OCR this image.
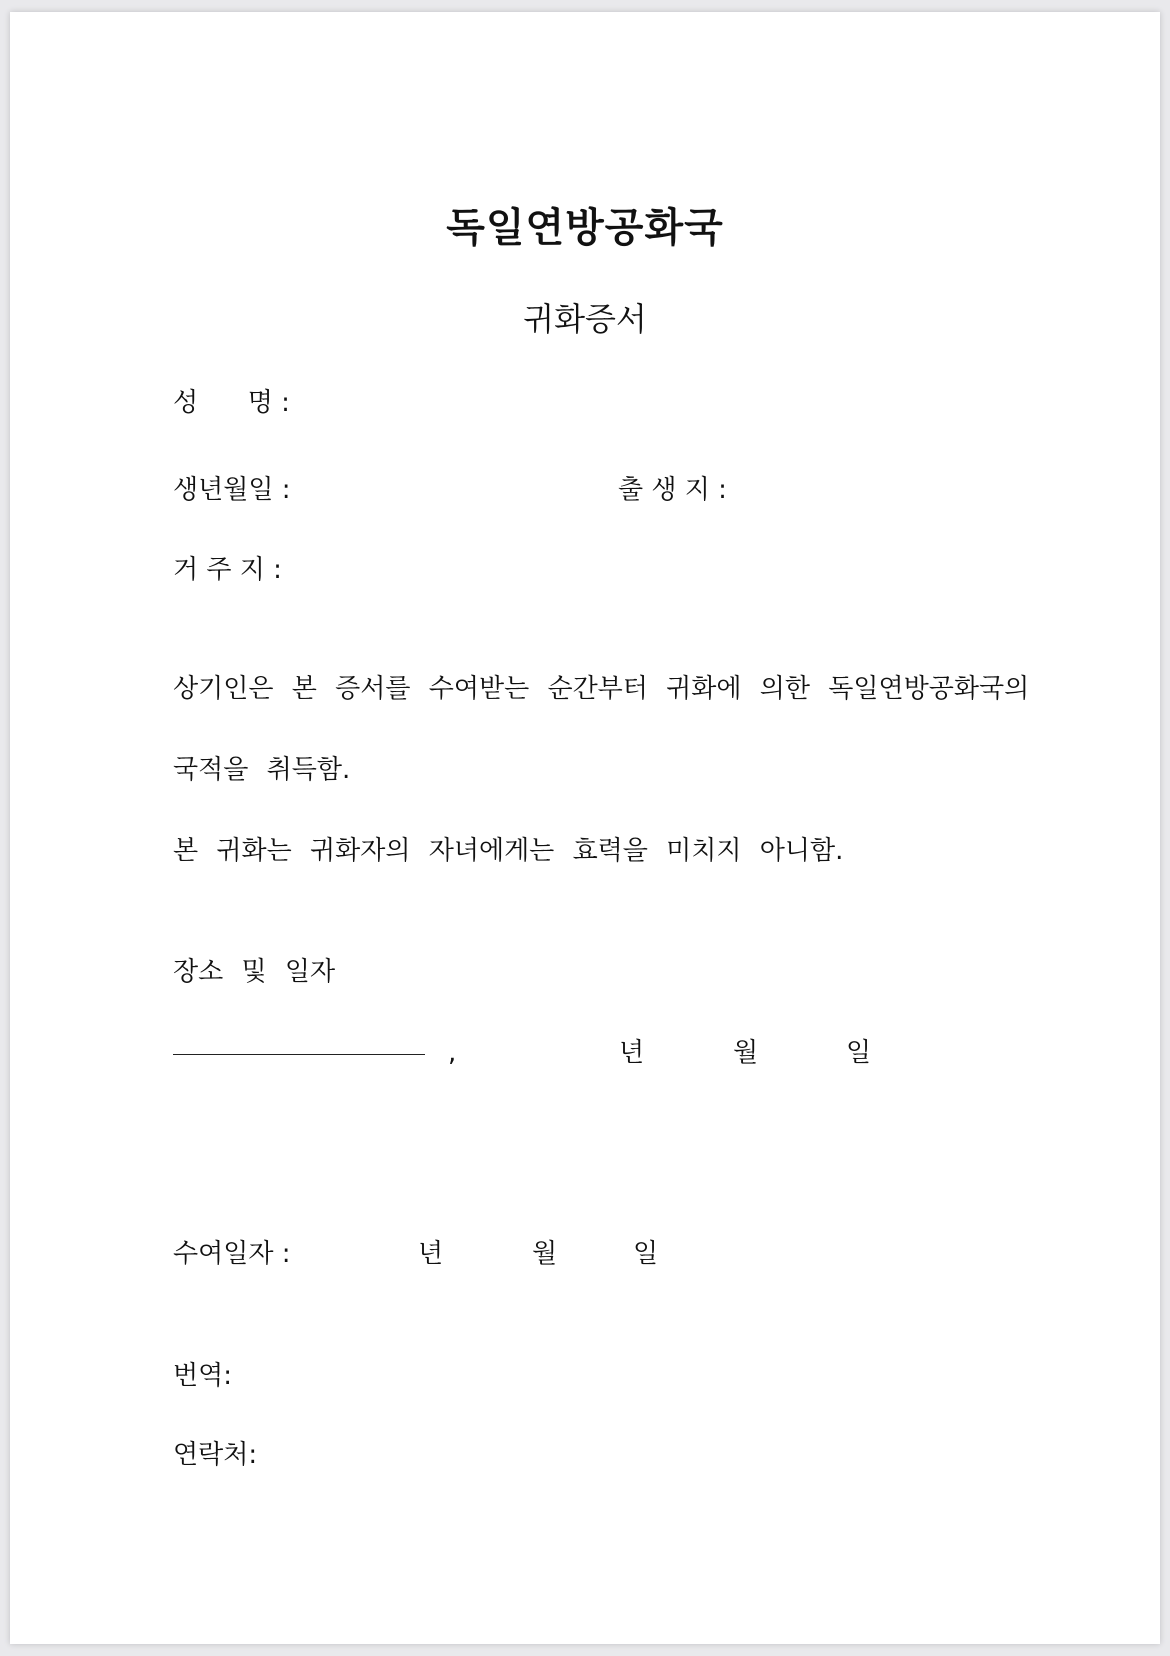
독일연방공화국
귀화증서
성      명 :
생년월일 :	출 생 지 :
거 주 지 :
상기인은 본 증서를 수여받는 순간부터 귀화에 의한 독일연방공화국의
국적을 취득함.
본 귀화는 귀화자의 자녀에게는 효력을 미치지 아니함.
장소 및 일자
,	년	월	일
수여일자 :	년	월	일
번역:
연락처:
